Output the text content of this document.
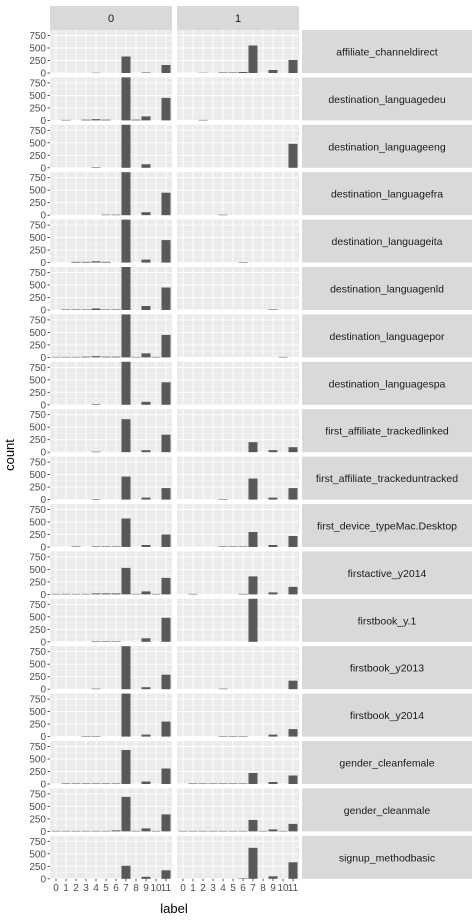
0	1
affiliate_channeldirect
destination_languagedeu
destination_languageeng
destination_languagefra
destination_languageita
destination_languagenld
destination_languagepor
destination_languagespa
first_affiliate_trackedlinked
first_affiliate_trackeduntracked
first_device_typeMac.Desktop
firstactive_y2014
firstbook_y.1
firstbook_y2013
firstbook_y2014
gender_cleanfemale
gender_cleanmale
signup_methodbasic
0
250
500
750
0
250
500
750
0
250
500
750
0
250
500
750
0
250
500
750
0
250
500
750
0
250
500
750
0
250
500
750
0
250
500
750
0
250
500
750
0
250
500
750
0
250
500
750
0
250
500
750
0
250
500
750
0
250
500
750
0
250
500
750
0
250
500
750
0
250
500
750
0 1 2 3 4 5 6 7 8 9 10 11 0 1 2 3 4 5 6 7 8 9 10 11
label
count
